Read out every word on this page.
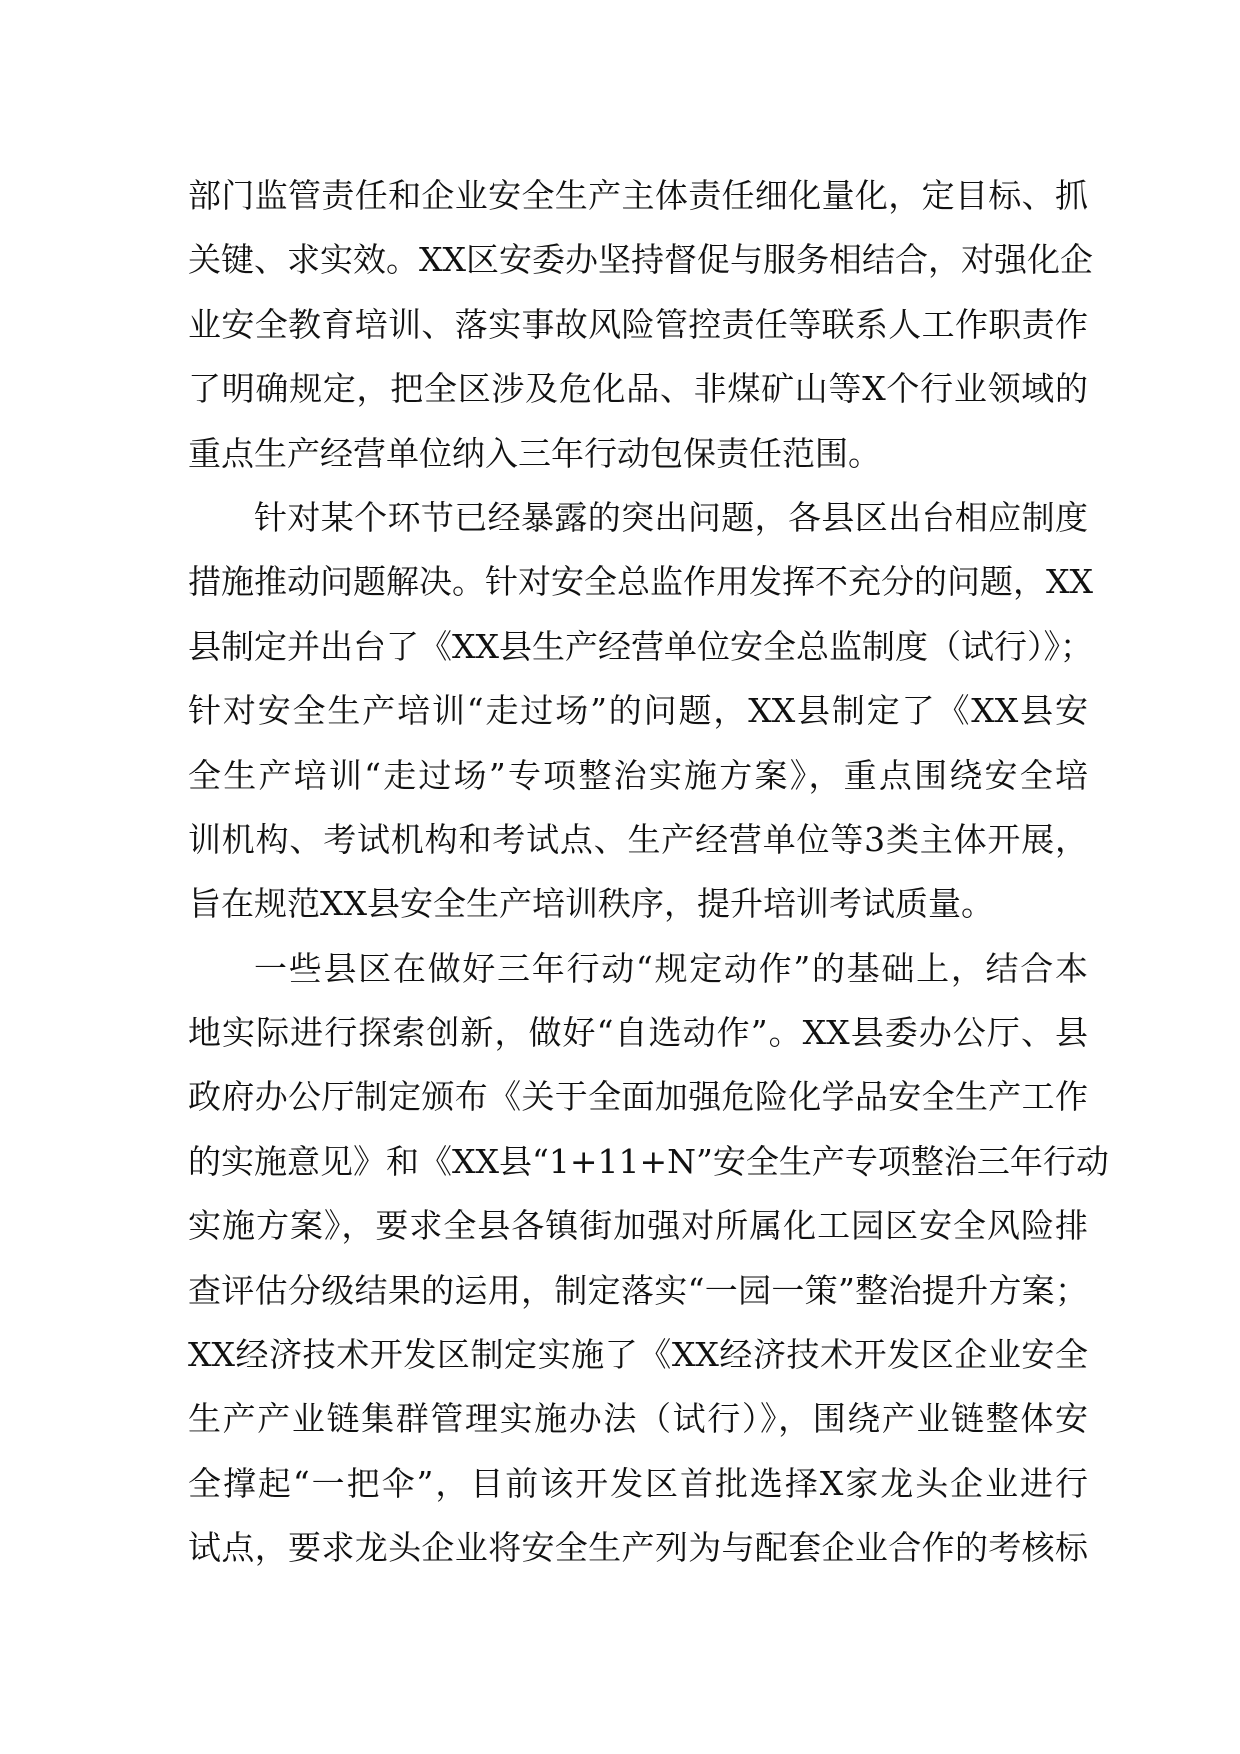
部门监管责任和企业安全生产主体责任细化量化，定目标、抓
关键、求实效。XX区安委办坚持督促与服务相结合，对强化企
业安全教育培训、落实事故风险管控责任等联系人工作职责作
了明确规定，把全区涉及危化品、非煤矿山等X个行业领域的
重点生产经营单位纳入三年行动包保责任范围。
针对某个环节已经暴露的突出问题，各县区出台相应制度
措施推动问题解决。针对安全总监作用发挥不充分的问题，XX
县制定并出台了《XX县生产经营单位安全总监制度（试行）》；
针对安全生产培训“走过场”的问题，XX县制定了《XX县安
全生产培训“走过场”专项整治实施方案》，重点围绕安全培
训机构、考试机构和考试点、生产经营单位等3类主体开展，
旨在规范XX县安全生产培训秩序，提升培训考试质量。
一些县区在做好三年行动“规定动作”的基础上，结合本
地实际进行探索创新，做好“自选动作”。XX县委办公厅、县
政府办公厅制定颁布《关于全面加强危险化学品安全生产工作
的实施意见》和《XX县“1+11+N”安全生产专项整治三年行动
实施方案》，要求全县各镇街加强对所属化工园区安全风险排
查评估分级结果的运用，制定落实“一园一策”整治提升方案；
XX经济技术开发区制定实施了《XX经济技术开发区企业安全
生产产业链集群管理实施办法（试行）》，围绕产业链整体安
全撑起“一把伞”，目前该开发区首批选择X家龙头企业进行
试点，要求龙头企业将安全生产列为与配套企业合作的考核标
